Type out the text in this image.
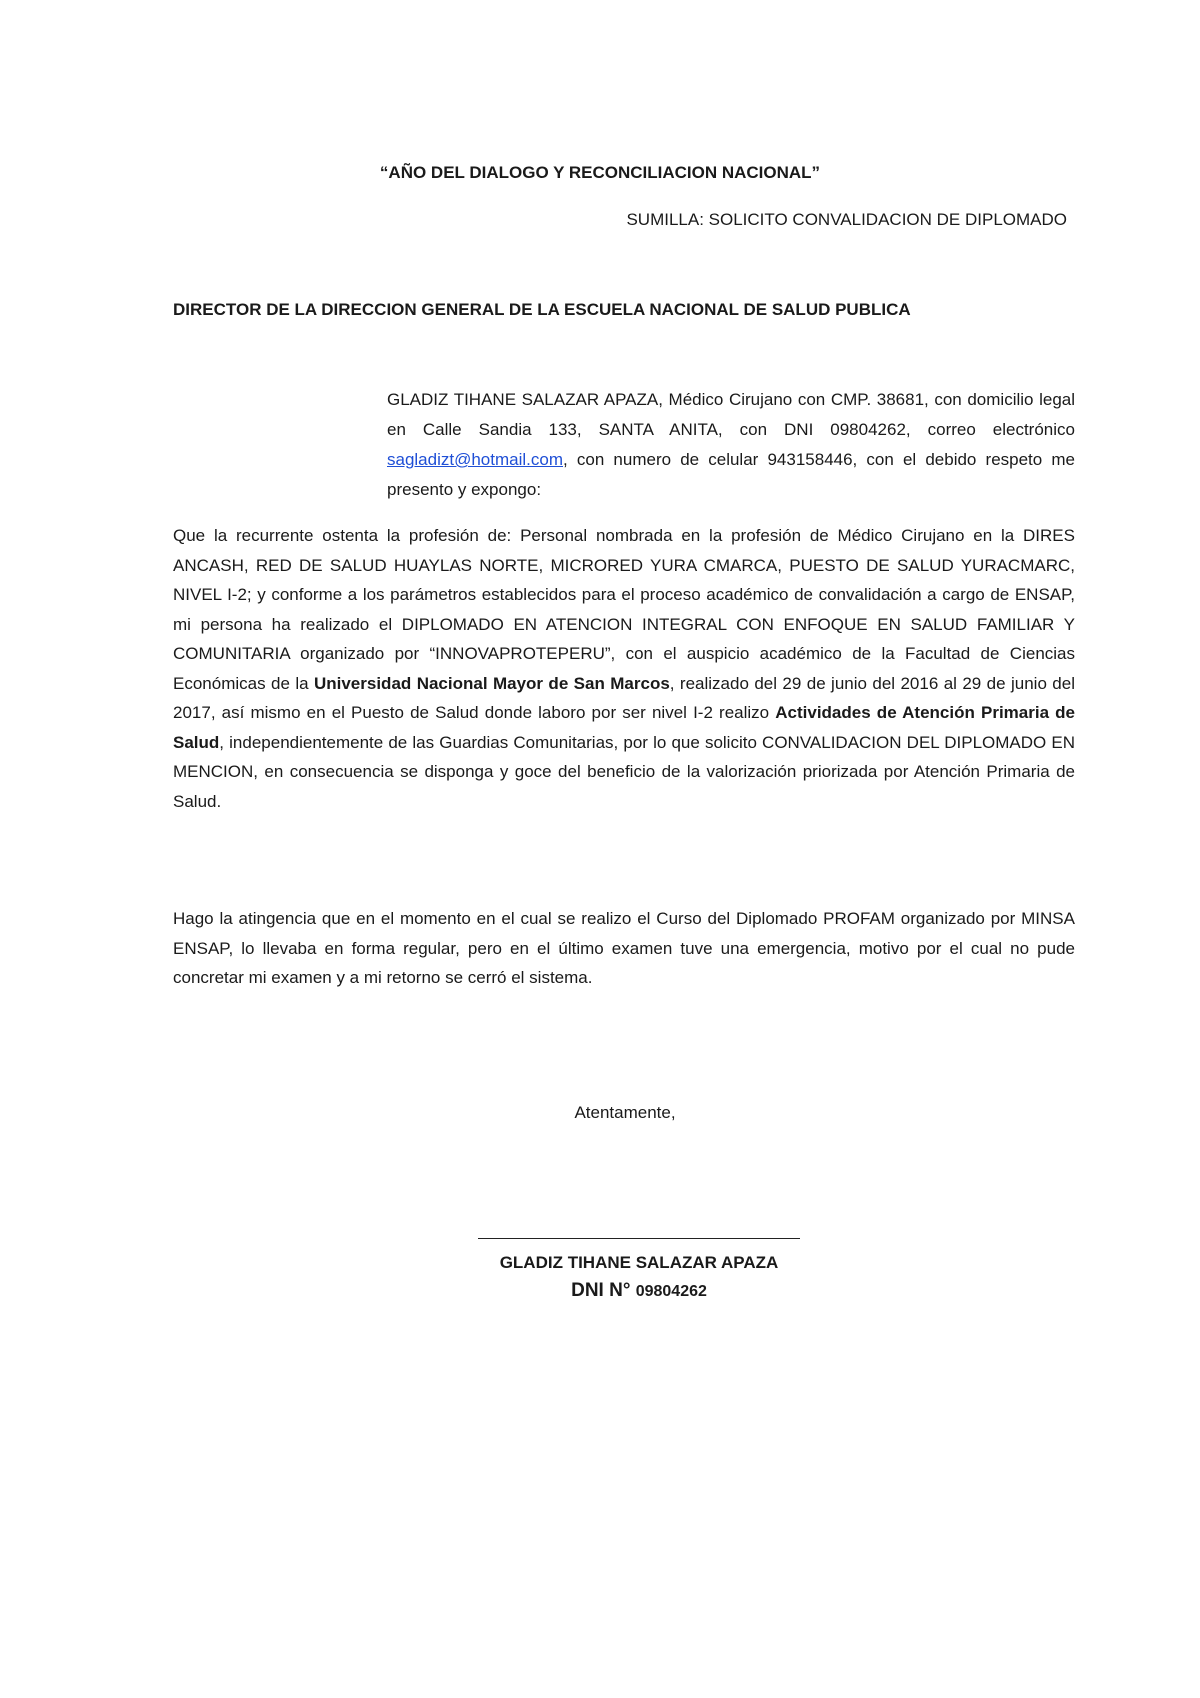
“AÑO DEL DIALOGO Y RECONCILIACION NACIONAL”
SUMILLA: SOLICITO CONVALIDACION DE DIPLOMADO
DIRECTOR DE LA DIRECCION GENERAL DE LA ESCUELA NACIONAL DE SALUD PUBLICA
GLADIZ TIHANE SALAZAR APAZA, Médico Cirujano con CMP. 38681, con domicilio legal en Calle Sandia 133, SANTA ANITA, con DNI 09804262, correo electrónico sagladizt@hotmail.com, con numero de celular 943158446, con el debido respeto me presento y expongo:
Que la recurrente ostenta la profesión de: Personal nombrada en la profesión de Médico Cirujano en la DIRES ANCASH, RED DE SALUD HUAYLAS NORTE, MICRORED YURA CMARCA, PUESTO DE SALUD YURACMARC, NIVEL I-2; y conforme a los parámetros establecidos para el proceso académico de convalidación a cargo de ENSAP, mi persona ha realizado el DIPLOMADO EN ATENCION INTEGRAL CON ENFOQUE EN SALUD FAMILIAR Y COMUNITARIA organizado por “INNOVAPROTEPERU”, con el auspicio académico de la Facultad de Ciencias Económicas de la Universidad Nacional Mayor de San Marcos, realizado del 29 de junio del 2016 al 29 de junio del 2017, así mismo en el Puesto de Salud donde laboro por ser nivel I-2 realizo Actividades de Atención Primaria de Salud, independientemente de las Guardias Comunitarias, por lo que solicito CONVALIDACION DEL DIPLOMADO EN MENCION, en consecuencia se disponga y goce del beneficio de la valorización priorizada por Atención Primaria de Salud.
Hago la atingencia que en el momento en el cual se realizo el Curso del Diplomado PROFAM organizado por MINSA ENSAP, lo llevaba en forma regular, pero en el último examen tuve una emergencia, motivo por el cual no pude concretar mi examen y a mi retorno se cerró el sistema.
Atentamente,
GLADIZ TIHANE SALAZAR APAZA
DNI N° 09804262
